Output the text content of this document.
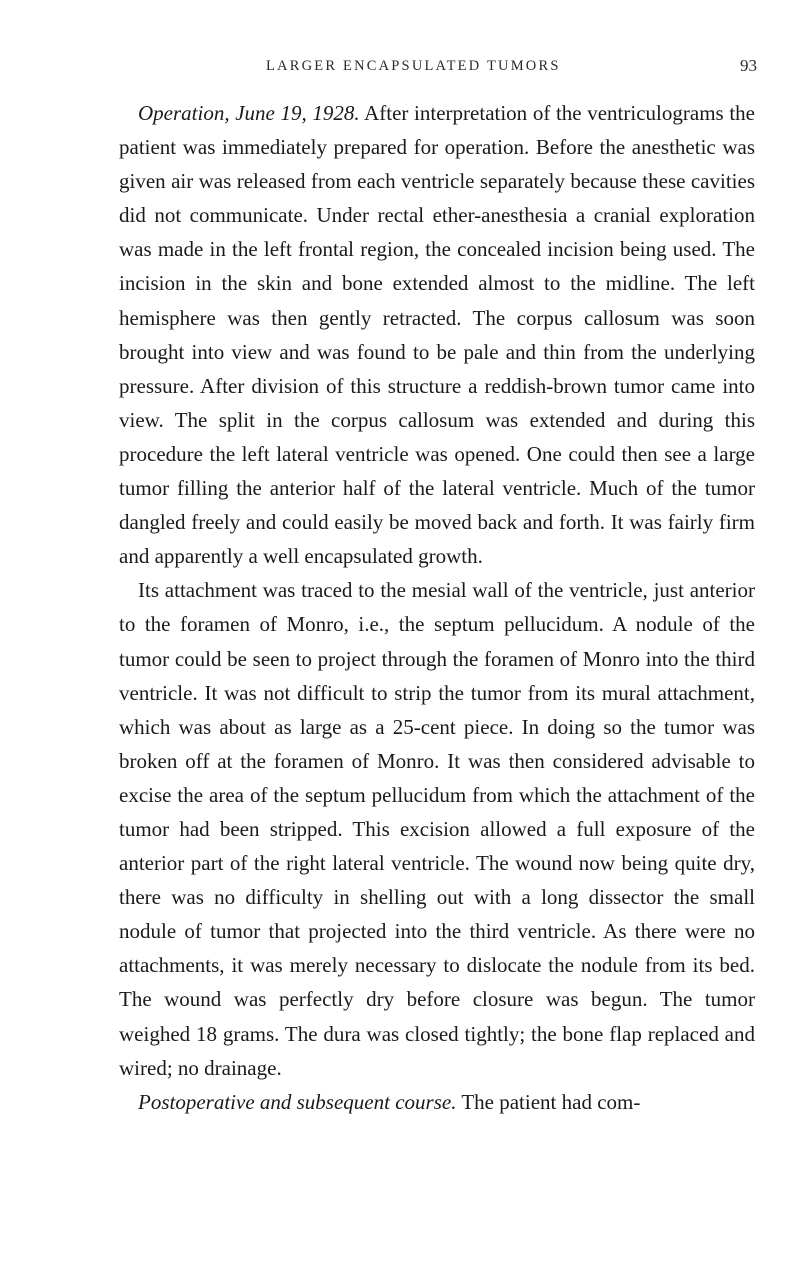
LARGER ENCAPSULATED TUMORS	93

Operation, June 19, 1928. After interpretation of the ventriculograms the patient was immediately prepared for operation. Before the anesthetic was given air was released from each ventricle separately because these cavities did not communicate. Under rectal ether-anesthesia a cranial exploration was made in the left frontal region, the concealed incision being used. The incision in the skin and bone extended almost to the midline. The left hemisphere was then gently retracted. The corpus callosum was soon brought into view and was found to be pale and thin from the underlying pressure. After division of this structure a reddish-brown tumor came into view. The split in the corpus callosum was extended and during this procedure the left lateral ventricle was opened. One could then see a large tumor filling the anterior half of the lateral ventricle. Much of the tumor dangled freely and could easily be moved back and forth. It was fairly firm and apparently a well encapsulated growth.

Its attachment was traced to the mesial wall of the ventricle, just anterior to the foramen of Monro, i.e., the septum pellucidum. A nodule of the tumor could be seen to project through the foramen of Monro into the third ventricle. It was not difficult to strip the tumor from its mural attachment, which was about as large as a 25-cent piece. In doing so the tumor was broken off at the foramen of Monro. It was then considered advisable to excise the area of the septum pellucidum from which the attachment of the tumor had been stripped. This excision allowed a full exposure of the anterior part of the right lateral ventricle. The wound now being quite dry, there was no difficulty in shelling out with a long dissector the small nodule of tumor that projected into the third ventricle. As there were no attachments, it was merely necessary to dislocate the nodule from its bed. The wound was perfectly dry before closure was begun. The tumor weighed 18 grams. The dura was closed tightly; the bone flap replaced and wired; no drainage.

Postoperative and subsequent course. The patient had com-
